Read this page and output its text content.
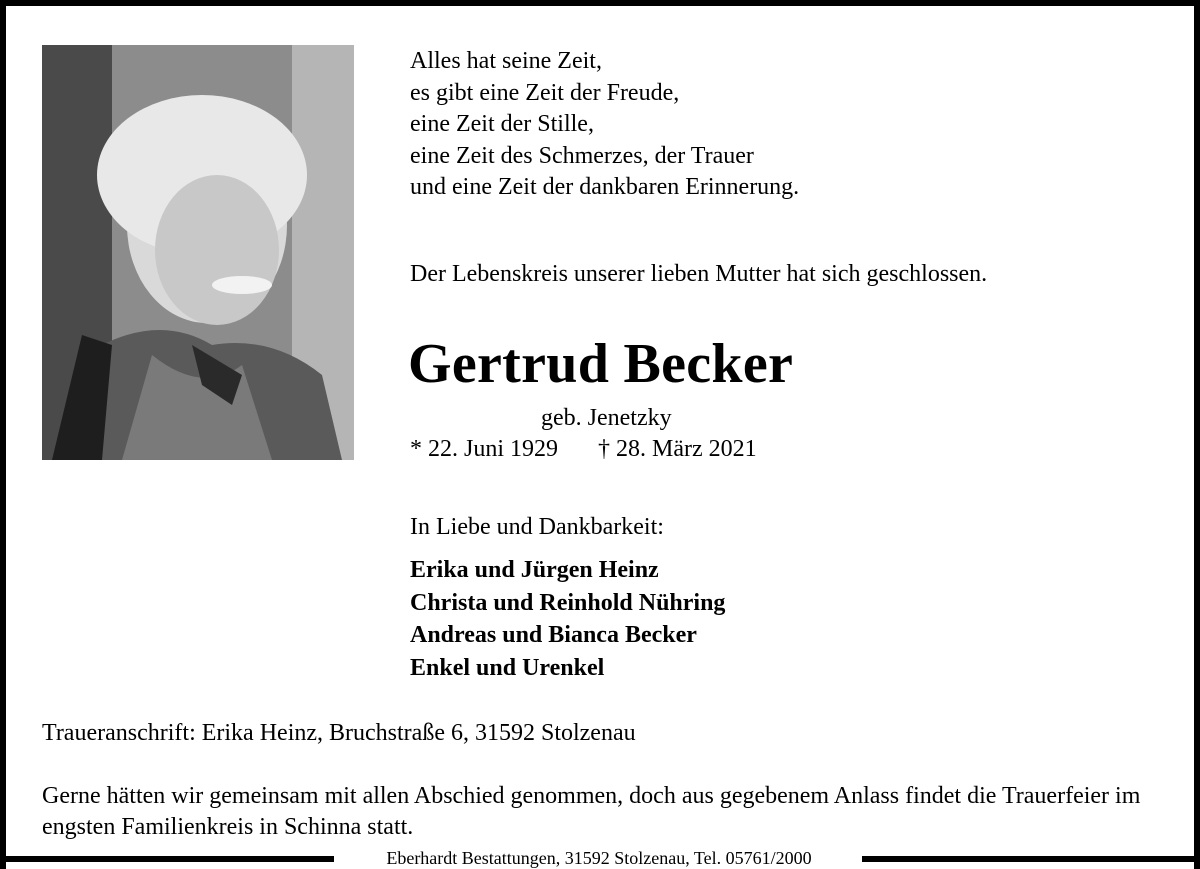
Alles hat seine Zeit,
es gibt eine Zeit der Freude,
eine Zeit der Stille,
eine Zeit des Schmerzes, der Trauer
und eine Zeit der dankbaren Erinnerung.
Der Lebenskreis unserer lieben Mutter hat sich geschlossen.
Gertrud Becker
geb. Jenetzky
* 22. Juni 1929 † 28. März 2021
In Liebe und Dankbarkeit:
Erika und Jürgen Heinz
Christa und Reinhold Nühring
Andreas und Bianca Becker
Enkel und Urenkel
Traueranschrift: Erika Heinz, Bruchstraße 6, 31592 Stolzenau
Gerne hätten wir gemeinsam mit allen Abschied genommen, doch aus gegebenem Anlass findet die Trauerfeier im engsten Familienkreis in Schinna statt.
Eberhardt Bestattungen, 31592 Stolzenau, Tel. 05761/2000
